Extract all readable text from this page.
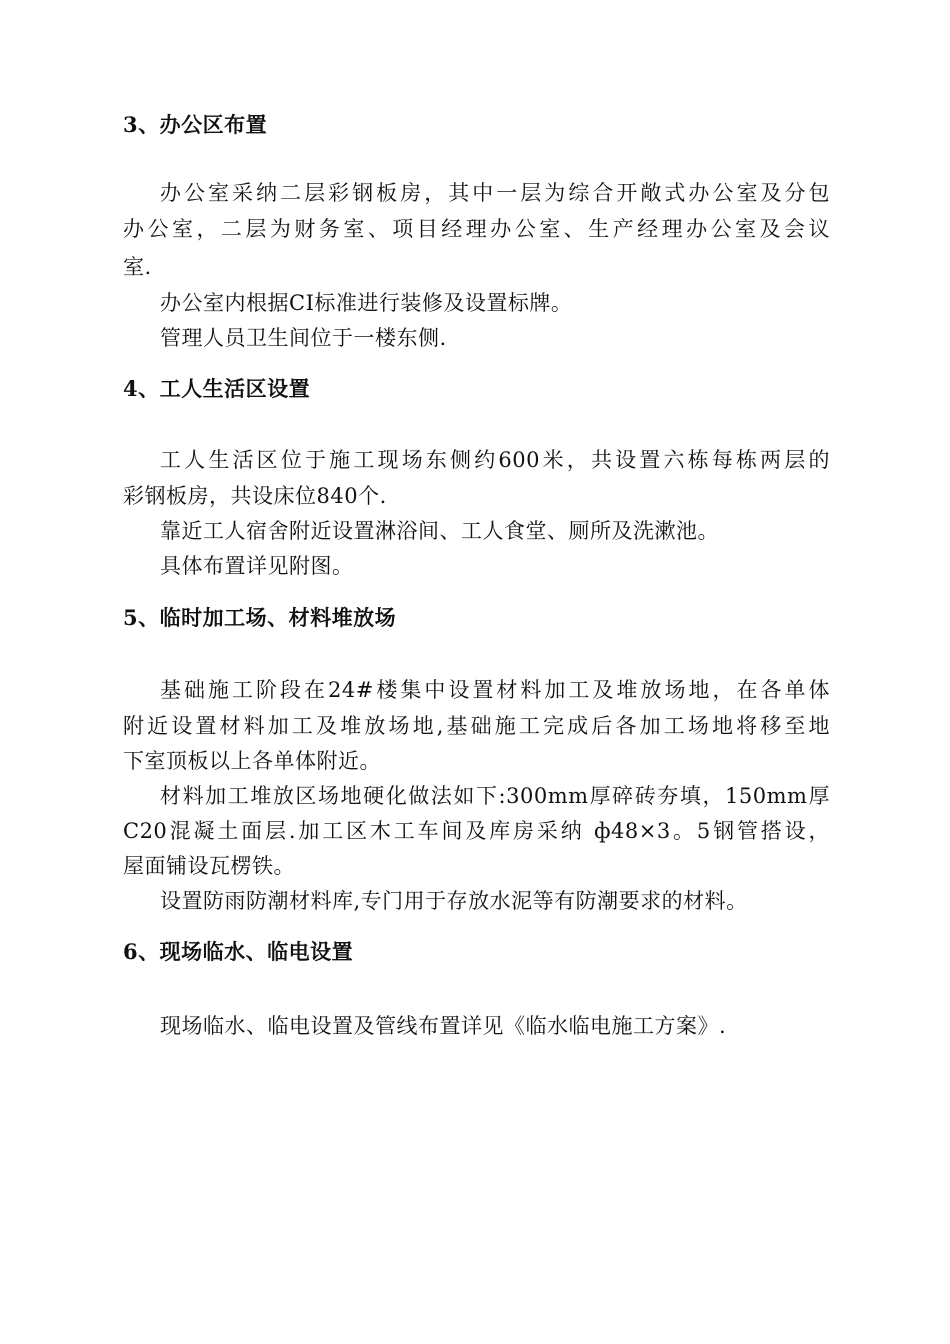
3、办公区布置
办公室采纳二层彩钢板房，其中一层为综合开敞式办公室及分包
办公室，二层为财务室、项目经理办公室、生产经理办公室及会议
室.
办公室内根据CI标准进行装修及设置标牌。
管理人员卫生间位于一楼东侧.
4、工人生活区设置
工人生活区位于施工现场东侧约600米，共设置六栋每栋两层的
彩钢板房，共设床位840个.
靠近工人宿舍附近设置淋浴间、工人食堂、厕所及洗漱池。
具体布置详见附图。
5、临时加工场、材料堆放场
基础施工阶段在24#楼集中设置材料加工及堆放场地，在各单体
附近设置材料加工及堆放场地,基础施工完成后各加工场地将移至地
下室顶板以上各单体附近。
材料加工堆放区场地硬化做法如下:300mm厚碎砖夯填，150mm厚
C20混凝土面层.加工区木工车间及库房采纳 ф48×3。5钢管搭设，
屋面铺设瓦楞铁。
设置防雨防潮材料库,专门用于存放水泥等有防潮要求的材料。
6、现场临水、临电设置
现场临水、临电设置及管线布置详见《临水临电施工方案》.
